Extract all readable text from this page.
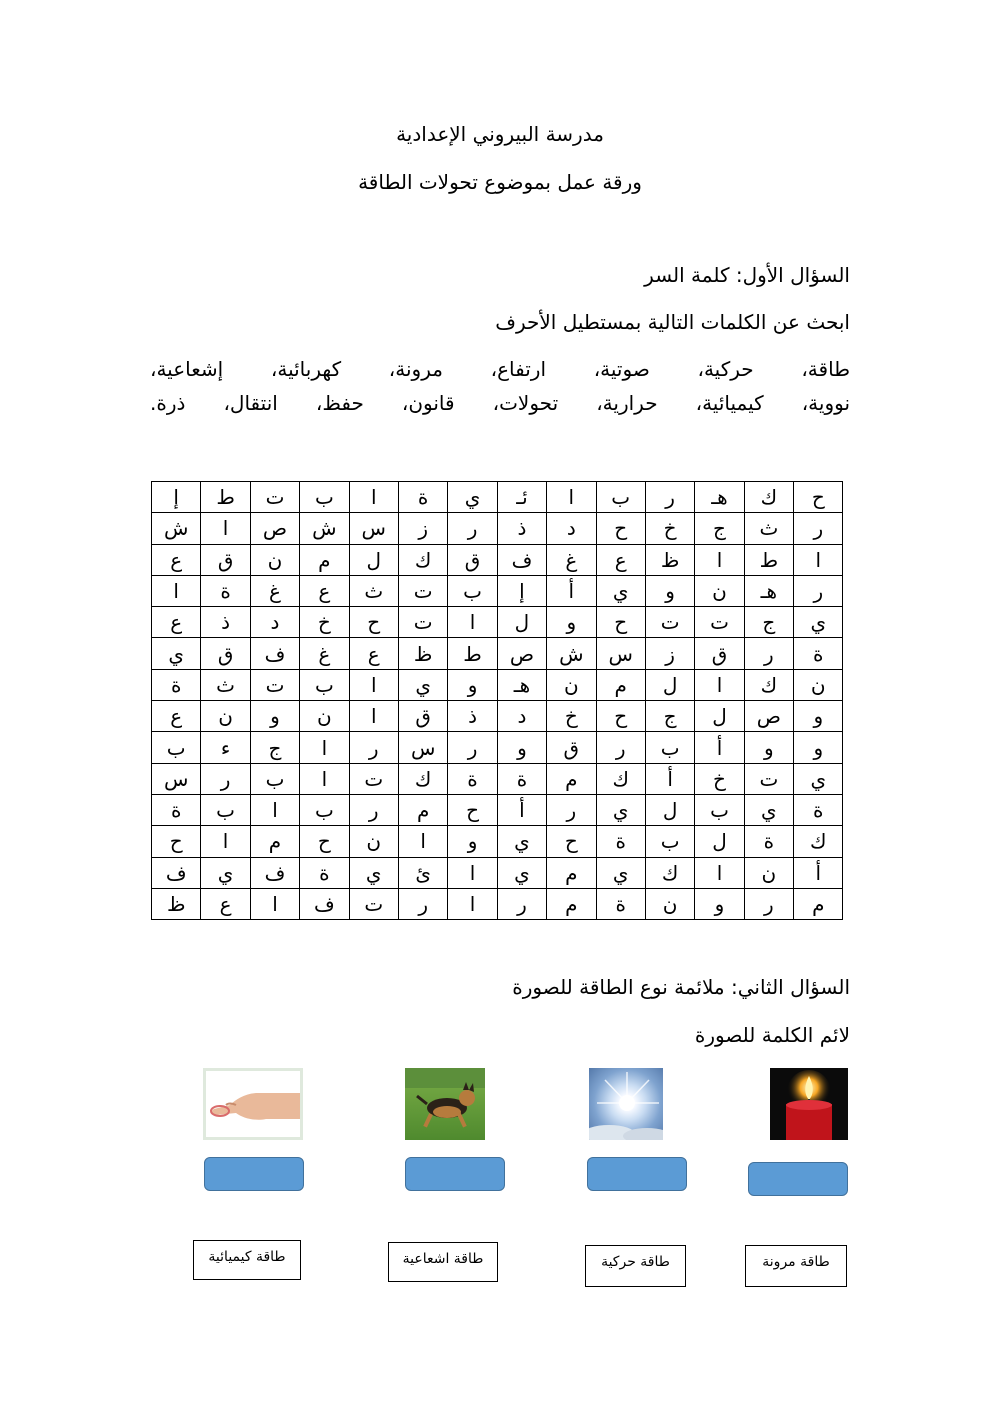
مدرسة البيروني الإعدادية
ورقة عمل بموضوع تحولات الطاقة
السؤال الأول: كلمة السر
ابحث عن الكلمات التالية بمستطيل الأحرف
طاقة، حركية، صوتية، ارتفاع، مرونة، كهربائية، إشعاعية،
نووية، كيميائية، حرارية، تحولات، قانون، حفظ، انتقال، ذرة.
ح	ك	هـ	ر	ب	ا	ئـ	ي	ة	ا	ب	ت	ط	إ
ر	ث	ج	خ	ح	د	ذ	ر	ز	س	ش	ص	ا	ش
ا	ط	ا	ظ	ع	غ	ف	ق	ك	ل	م	ن	ق	ع
ر	هـ	ن	و	ي	أ	إ	ب	ت	ث	ع	غ	ة	ا
ي	ج	ت	ت	ح	و	ل	ا	ت	ح	خ	د	ذ	ع
ة	ر	ق	ز	س	ش	ص	ط	ظ	ع	غ	ف	ق	ي
ن	ك	ا	ل	م	ن	هـ	و	ي	ا	ب	ت	ث	ة
و	ص	ل	ج	ح	خ	د	ذ	ق	ا	ن	و	ن	ع
و	و	أ	ب	ر	ق	و	ر	س	ر	ا	ج	ء	ب
ي	ت	خ	أ	ك	م	ة	ة	ك	ت	ا	ب	ر	س
ة	ي	ب	ل	ي	ر	أ	ح	م	ر	ب	ا	ب	ة
ك	ة	ل	ب	ة	ح	ي	و	ا	ن	ح	م	ا	ح
أ	ن	ا	ك	ي	م	ي	ا	ئ	ي	ة	ف	ي	ف
م	ر	و	ن	ة	م	ر	ا	ر	ت	ف	ا	ع	ظ
السؤال الثاني: ملائمة نوع الطاقة للصورة
لائم الكلمة للصورة
طاقة مرونة
طاقة حركية
طاقة اشعاعية
طاقة كيميائية
